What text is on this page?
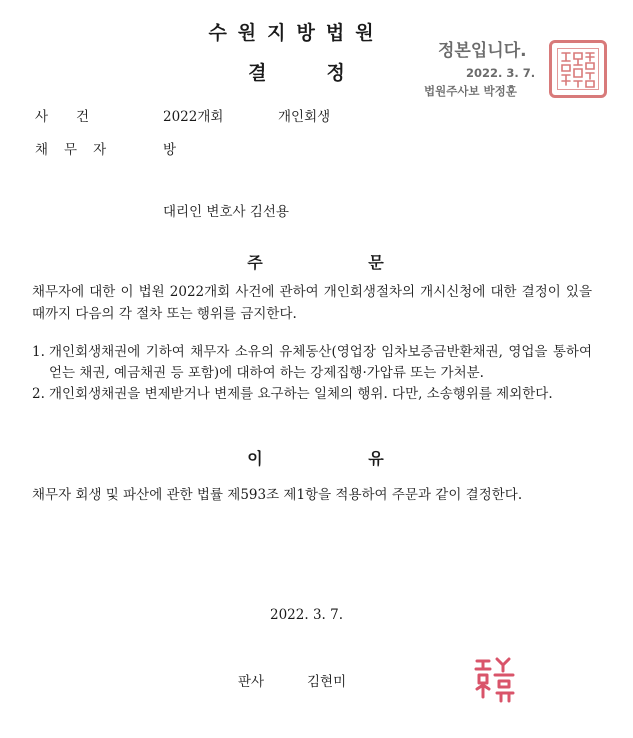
수원지방법원
결정
정본입니다.
2022. 3. 7.
법원주사보 박정훈
사건	2022개회	개인회생
채무자	방
대리인 변호사 김선용
주 문
채무자에 대한 이 법원 2022개회 사건에 관하여 개인회생절차의 개시신청에 대한 결정이 있을 때까지 다음의 각 절차 또는 행위를 금지한다.
1. 개인회생채권에 기하여 채무자 소유의 유체동산(영업장 임차보증금반환채권, 영업을 통하여 얻는 채권, 예금채권 등 포함)에 대하여 하는 강제집행·가압류 또는 가처분.
2. 개인회생채권을 변제받거나 변제를 요구하는 일체의 행위. 다만, 소송행위를 제외한다.
이 유
채무자 회생 및 파산에 관한 법률 제593조 제1항을 적용하여 주문과 같이 결정한다.
2022. 3. 7.
판사	김현미
